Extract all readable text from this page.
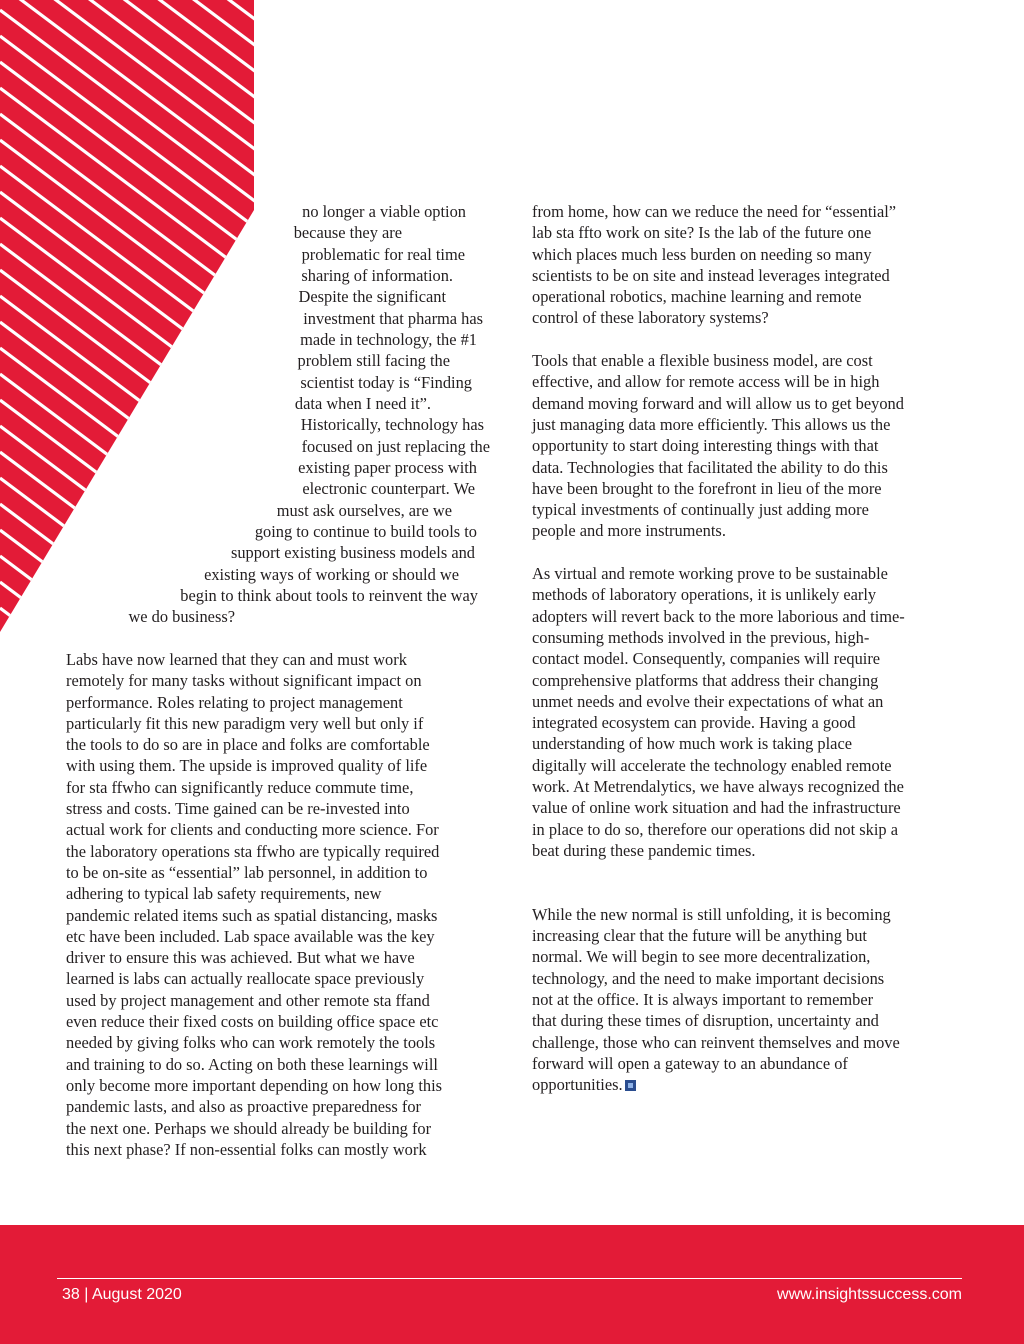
no longer a viable option
because they are
problematic for real time
sharing of information.
Despite the significant
investment that pharma has
made in technology, the #1
problem still facing the
scientist today is “Finding
data when I need it”.
Historically, technology has
focused on just replacing the
existing paper process with
electronic counterpart. We
must ask ourselves, are we
going to continue to build tools to
support existing business models and
existing ways of working or should we
begin to think about tools to reinvent the way
we do business?
Labs have now learned that they can and must work
remotely for many tasks without significant impact on
performance. Roles relating to project management
particularly fit this new paradigm very well but only if
the tools to do so are in place and folks are comfortable
with using them. The upside is improved quality of life
for sta ffwho can significantly reduce commute time,
stress and costs. Time gained can be re-invested into
actual work for clients and conducting more science. For
the laboratory operations sta ffwho are typically required
to be on-site as “essential” lab personnel, in addition to
adhering to typical lab safety requirements, new
pandemic related items such as spatial distancing, masks
etc have been included. Lab space available was the key
driver to ensure this was achieved. But what we have
learned is labs can actually reallocate space previously
used by project management and other remote sta ffand
even reduce their fixed costs on building office space etc
needed by giving folks who can work remotely the tools
and training to do so. Acting on both these learnings will
only become more important depending on how long this
pandemic lasts, and also as proactive preparedness for
the next one. Perhaps we should already be building for
this next phase? If non-essential folks can mostly work
from home, how can we reduce the need for “essential”
lab sta ffto work on site? Is the lab of the future one
which places much less burden on needing so many
scientists to be on site and instead leverages integrated
operational robotics, machine learning and remote
control of these laboratory systems?
Tools that enable a flexible business model, are cost
effective, and allow for remote access will be in high
demand moving forward and will allow us to get beyond
just managing data more efficiently. This allows us the
opportunity to start doing interesting things with that
data. Technologies that facilitated the ability to do this
have been brought to the forefront in lieu of the more
typical investments of continually just adding more
people and more instruments.
As virtual and remote working prove to be sustainable
methods of laboratory operations, it is unlikely early
adopters will revert back to the more laborious and time-
consuming methods involved in the previous, high-
contact model. Consequently, companies will require
comprehensive platforms that address their changing
unmet needs and evolve their expectations of what an
integrated ecosystem can provide. Having a good
understanding of how much work is taking place
digitally will accelerate the technology enabled remote
work. At Metrendalytics, we have always recognized the
value of online work situation and had the infrastructure
in place to do so, therefore our operations did not skip a
beat during these pandemic times.
While the new normal is still unfolding, it is becoming
increasing clear that the future will be anything but
normal. We will begin to see more decentralization,
technology, and the need to make important decisions
not at the office. It is always important to remember
that during these times of disruption, uncertainty and
challenge, those who can reinvent themselves and move
forward will open a gateway to an abundance of
opportunities.
38 | August 2020	www.insightssuccess.com
